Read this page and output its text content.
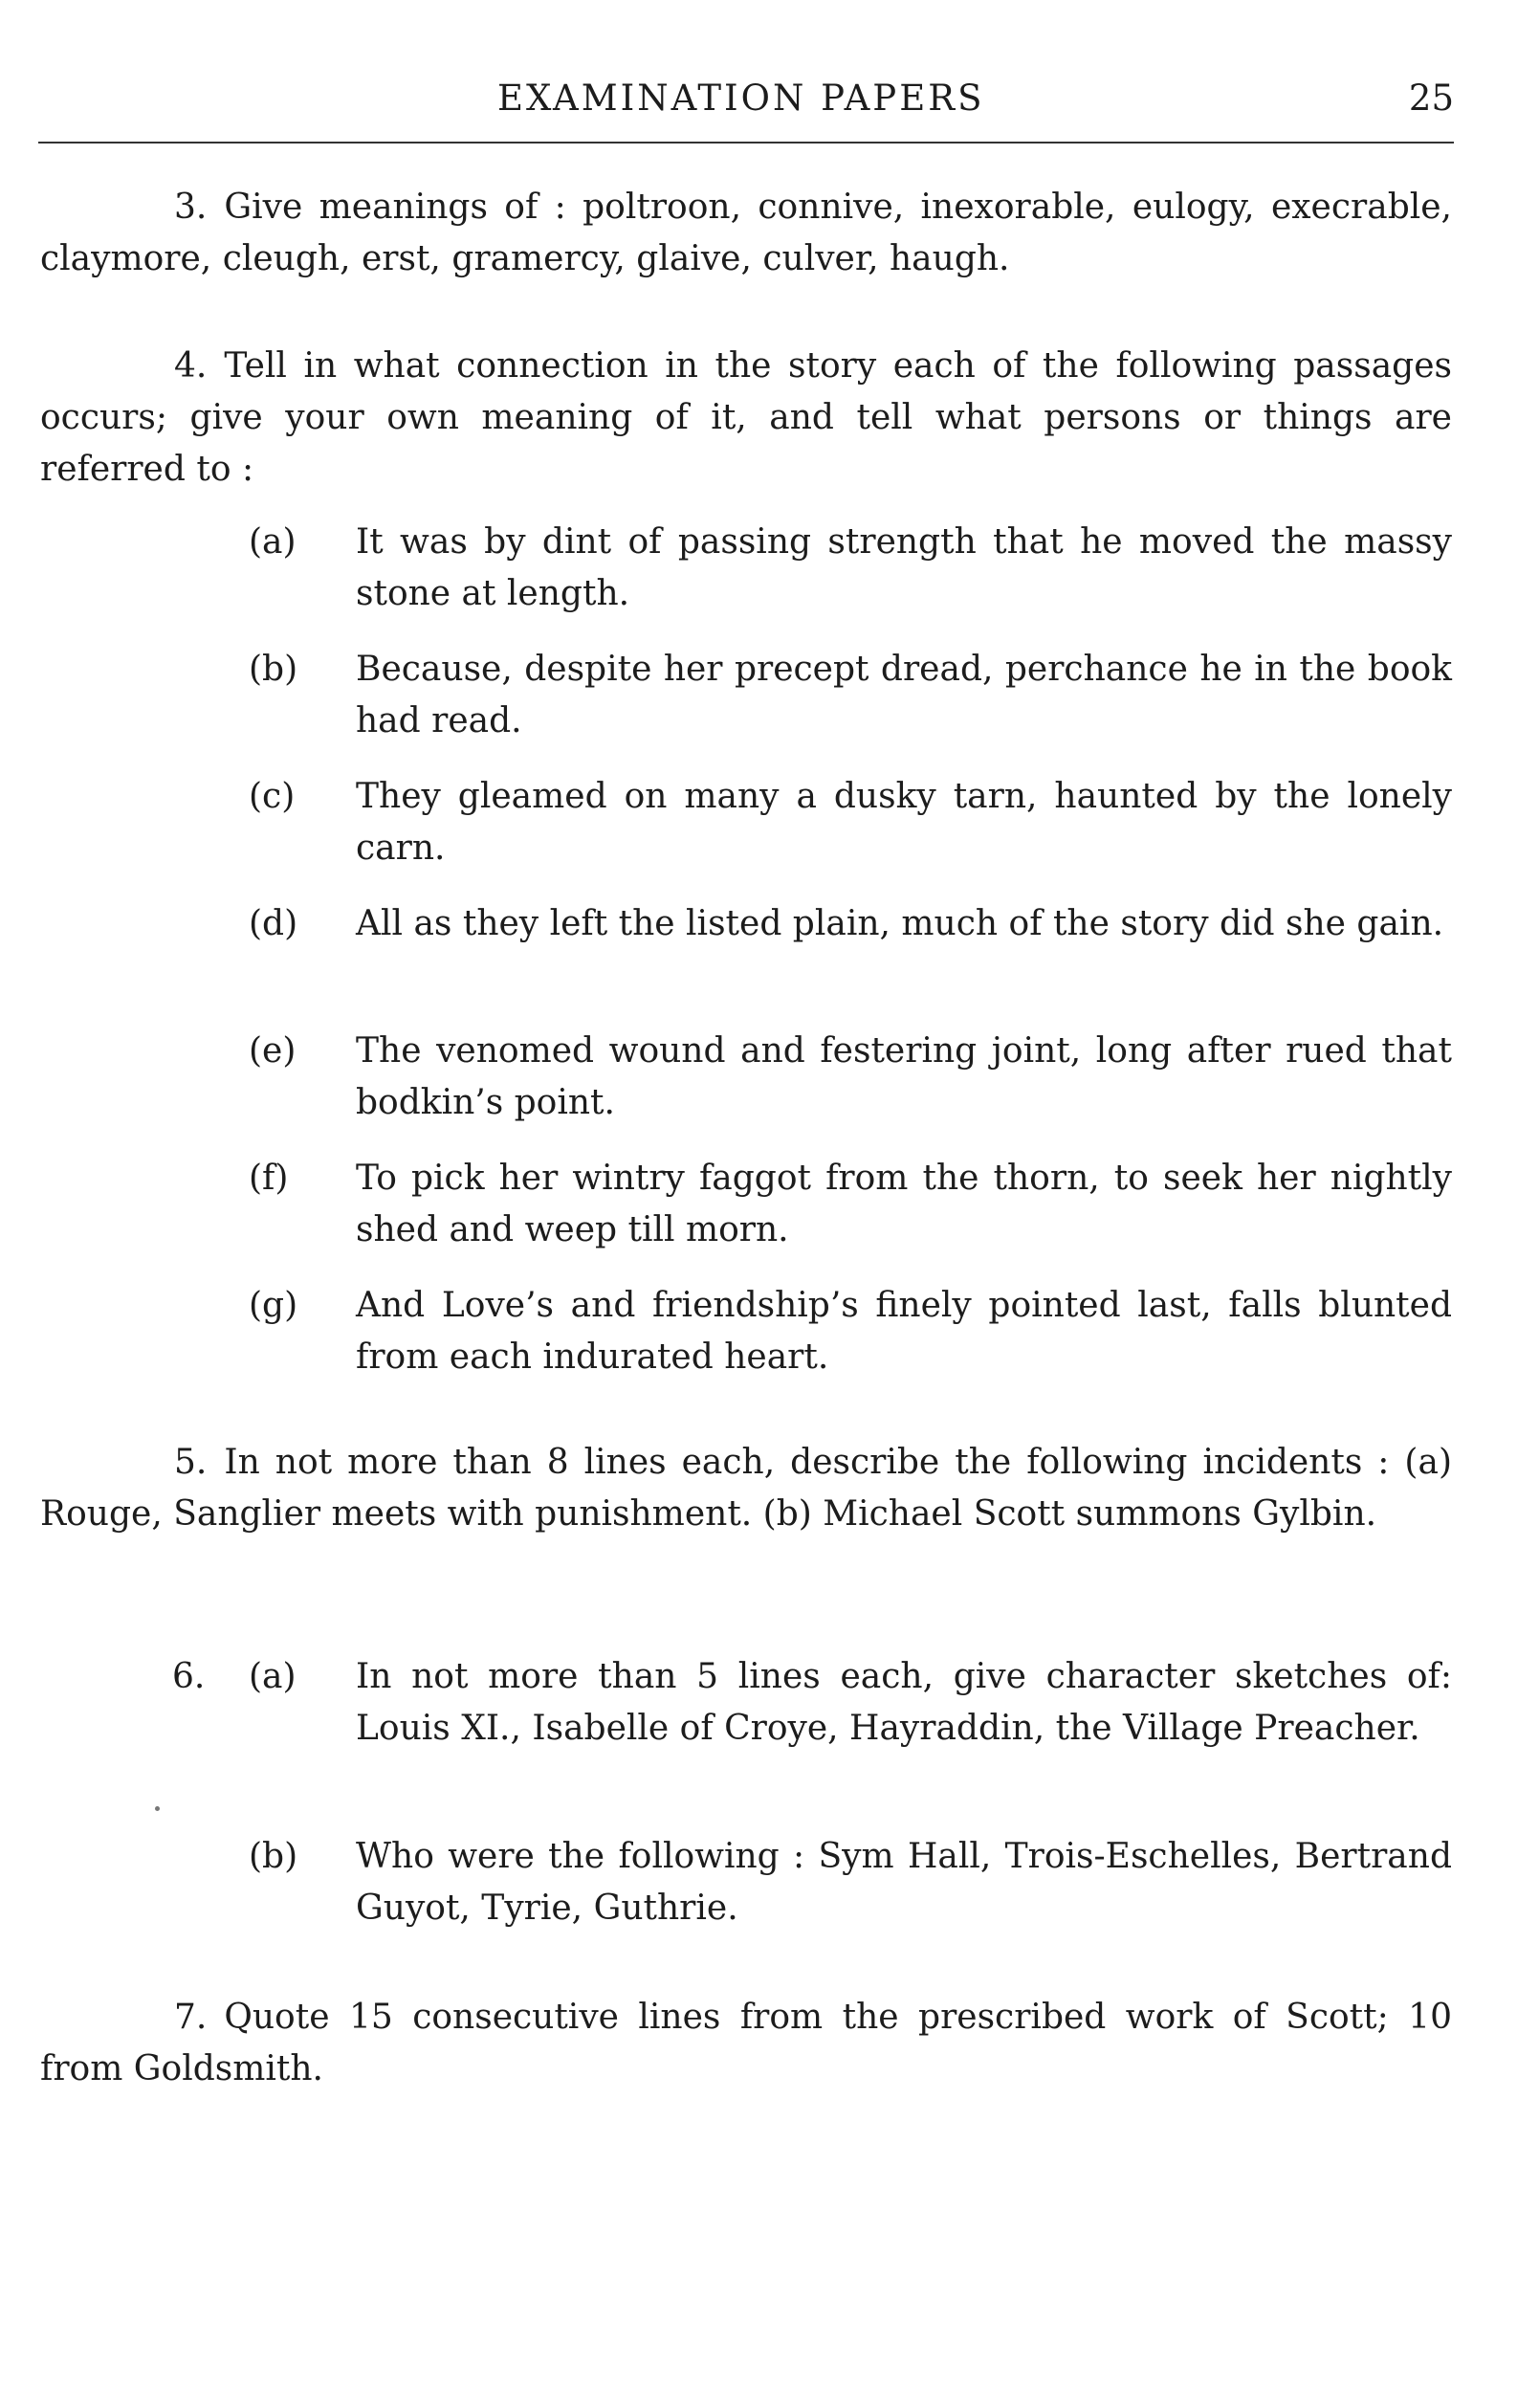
EXAMINATION PAPERS	25

3. Give meanings of : poltroon, connive, inexorable, eulogy, execrable, claymore, cleugh, erst, gramercy, glaive, culver, haugh.

4. Tell in what connection in the story each of the following passages occurs; give your own meaning of it, and tell what persons or things are referred to :

(a)	It was by dint of passing strength that he moved the massy stone at length.
(b)	Because, despite her precept dread, perchance he in the book had read.
(c)	They gleamed on many a dusky tarn, haunted by the lonely carn.
(d)	All as they left the listed plain, much of the story did she gain.
(e)	The venomed wound and festering joint, long after rued that bodkin’s point.
(f)	To pick her wintry faggot from the thorn, to seek her nightly shed and weep till morn.
(g)	And Love’s and friendship’s finely pointed last, falls blunted from each indurated heart.

5. In not more than 8 lines each, describe the following incidents : (a) Rouge, Sanglier meets with punishment. (b) Michael Scott summons Gylbin.

6. (a)	In not more than 5 lines each, give character sketches of: Louis XI., Isabelle of Croye, Hayraddin, the Village Preacher.
(b)	Who were the following : Sym Hall, Trois-Eschelles, Bertrand Guyot, Tyrie, Guthrie.

7. Quote 15 consecutive lines from the prescribed work of Scott; 10 from Goldsmith.
